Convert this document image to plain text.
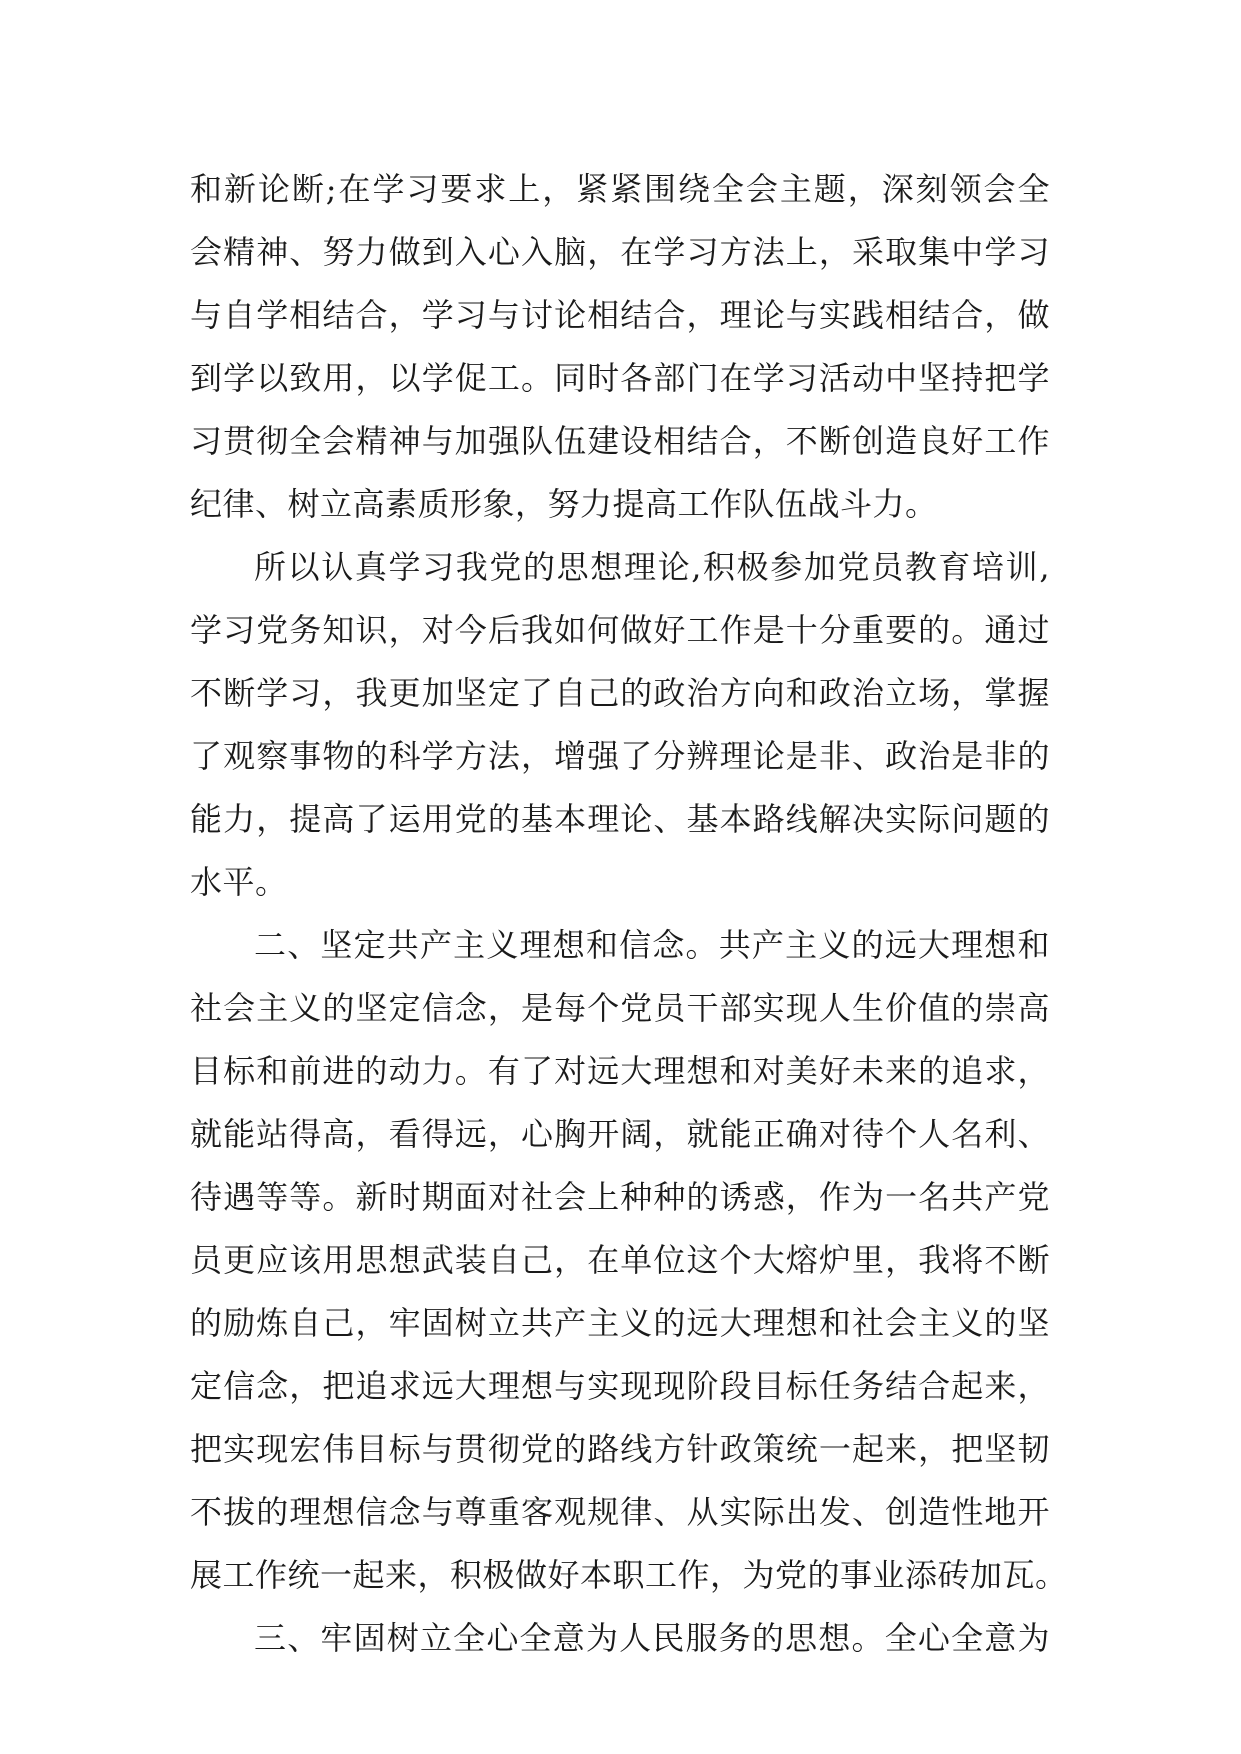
和新论断;在学习要求上，紧紧围绕全会主题，深刻领会全
会精神、努力做到入心入脑，在学习方法上，采取集中学习
与自学相结合，学习与讨论相结合，理论与实践相结合，做
到学以致用，以学促工。同时各部门在学习活动中坚持把学
习贯彻全会精神与加强队伍建设相结合，不断创造良好工作
纪律、树立高素质形象，努力提高工作队伍战斗力。
所以认真学习我党的思想理论,积极参加党员教育培训,
学习党务知识，对今后我如何做好工作是十分重要的。通过
不断学习，我更加坚定了自己的政治方向和政治立场，掌握
了观察事物的科学方法，增强了分辨理论是非、政治是非的
能力，提高了运用党的基本理论、基本路线解决实际问题的
水平。
二、坚定共产主义理想和信念。共产主义的远大理想和
社会主义的坚定信念，是每个党员干部实现人生价值的崇高
目标和前进的动力。有了对远大理想和对美好未来的追求，
就能站得高，看得远，心胸开阔，就能正确对待个人名利、
待遇等等。新时期面对社会上种种的诱惑，作为一名共产党
员更应该用思想武装自己，在单位这个大熔炉里，我将不断
的励炼自己，牢固树立共产主义的远大理想和社会主义的坚
定信念，把追求远大理想与实现现阶段目标任务结合起来，
把实现宏伟目标与贯彻党的路线方针政策统一起来，把坚韧
不拔的理想信念与尊重客观规律、从实际出发、创造性地开
展工作统一起来，积极做好本职工作，为党的事业添砖加瓦。
三、牢固树立全心全意为人民服务的思想。全心全意为
